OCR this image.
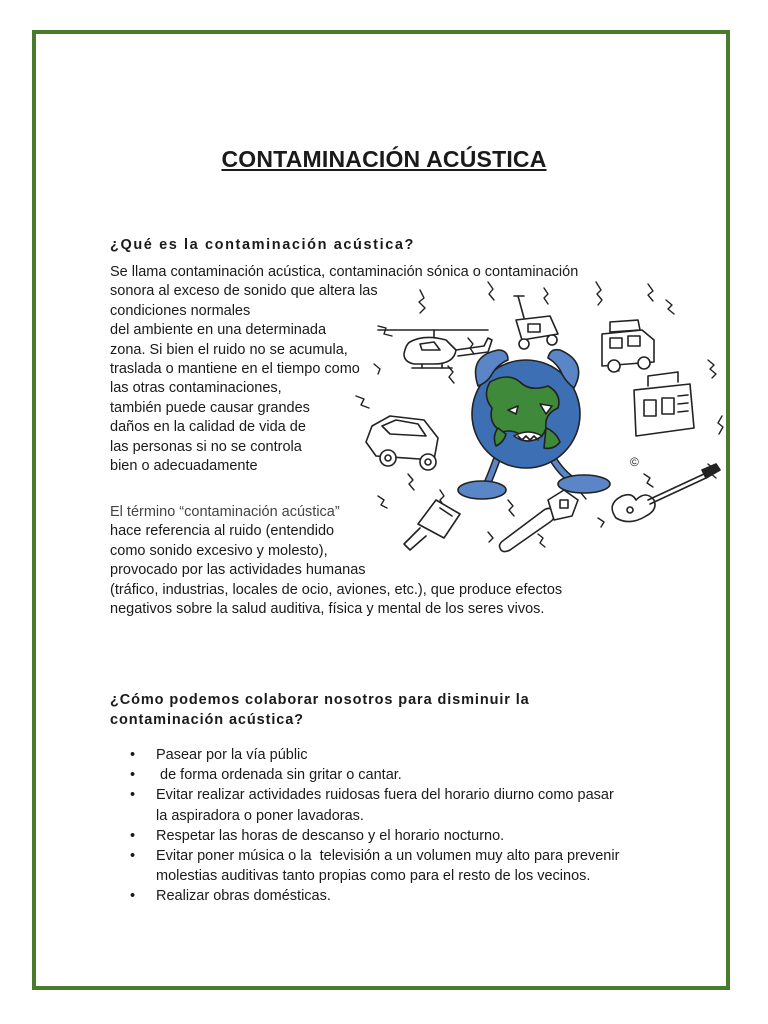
CONTAMINACIÓN ACÚSTICA
¿Qué es la contaminación acústica?

Se llama contaminación acústica, contaminación sónica o contaminación
sonora al exceso de sonido que altera las
condiciones normales
del ambiente en una determinada
zona. Si bien el ruido no se acumula,
traslada o mantiene en el tiempo como
las otras contaminaciones,
también puede causar grandes
daños en la calidad de vida de
las personas si no se controla
bien o adecuadamente

El término “contaminación acústica”
hace referencia al ruido (entendido
como sonido excesivo y molesto),
provocado por las actividades humanas
(tráfico, industrias, locales de ocio, aviones, etc.), que produce efectos
negativos sobre la salud auditiva, física y mental de los seres vivos.

¿Cómo podemos colaborar nosotros para disminuir la
contaminación acústica?
• Pasear por la vía públic
• de forma ordenada sin gritar o cantar.
• Evitar realizar actividades ruidosas fuera del horario diurno como pasar
la aspiradora o poner lavadoras.
• Respetar las horas de descanso y el horario nocturno.
• Evitar poner música o la  televisión a un volumen muy alto para prevenir
molestias auditivas tanto propias como para el resto de los vecinos.
• Realizar obras domésticas.
©
